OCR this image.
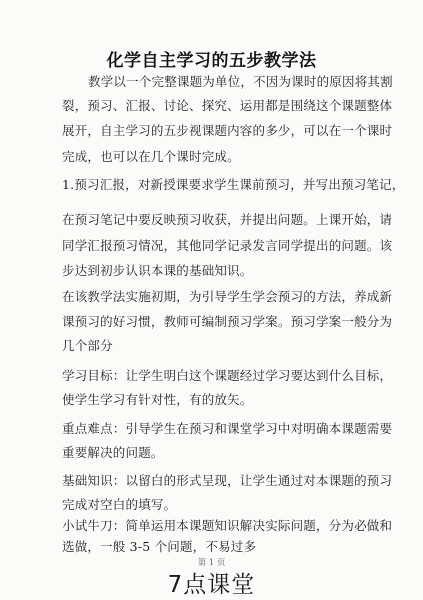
化学自主学习的五步教学法
教学以一个完整课题为单位，不因为课时的原因将其割
裂，预习、汇报、讨论、探究、运用都是围绕这个课题整体
展开，自主学习的五步视课题内容的多少，可以在一个课时
完成，也可以在几个课时完成。
1.预习汇报，对新授课要求学生课前预习，并写出预习笔记，
在预习笔记中要反映预习收获，并提出问题。上课开始，请
同学汇报预习情况，其他同学记录发言同学提出的问题。该
步达到初步认识本课的基础知识。
在该教学法实施初期，为引导学生学会预习的方法，养成新
课预习的好习惯，教师可编制预习学案。预习学案一般分为
几个部分
学习目标：让学生明白这个课题经过学习要达到什么目标，
使学生学习有针对性，有的放矢。
重点难点：引导学生在预习和课堂学习中对明确本课题需要
重要解决的问题。
基础知识：以留白的形式呈现，让学生通过对本课题的预习
完成对空白的填写。
小试牛刀：简单运用本课题知识解决实际问题，分为必做和
选做，一般 3-5 个问题，不易过多
第 1 页
7点课堂
